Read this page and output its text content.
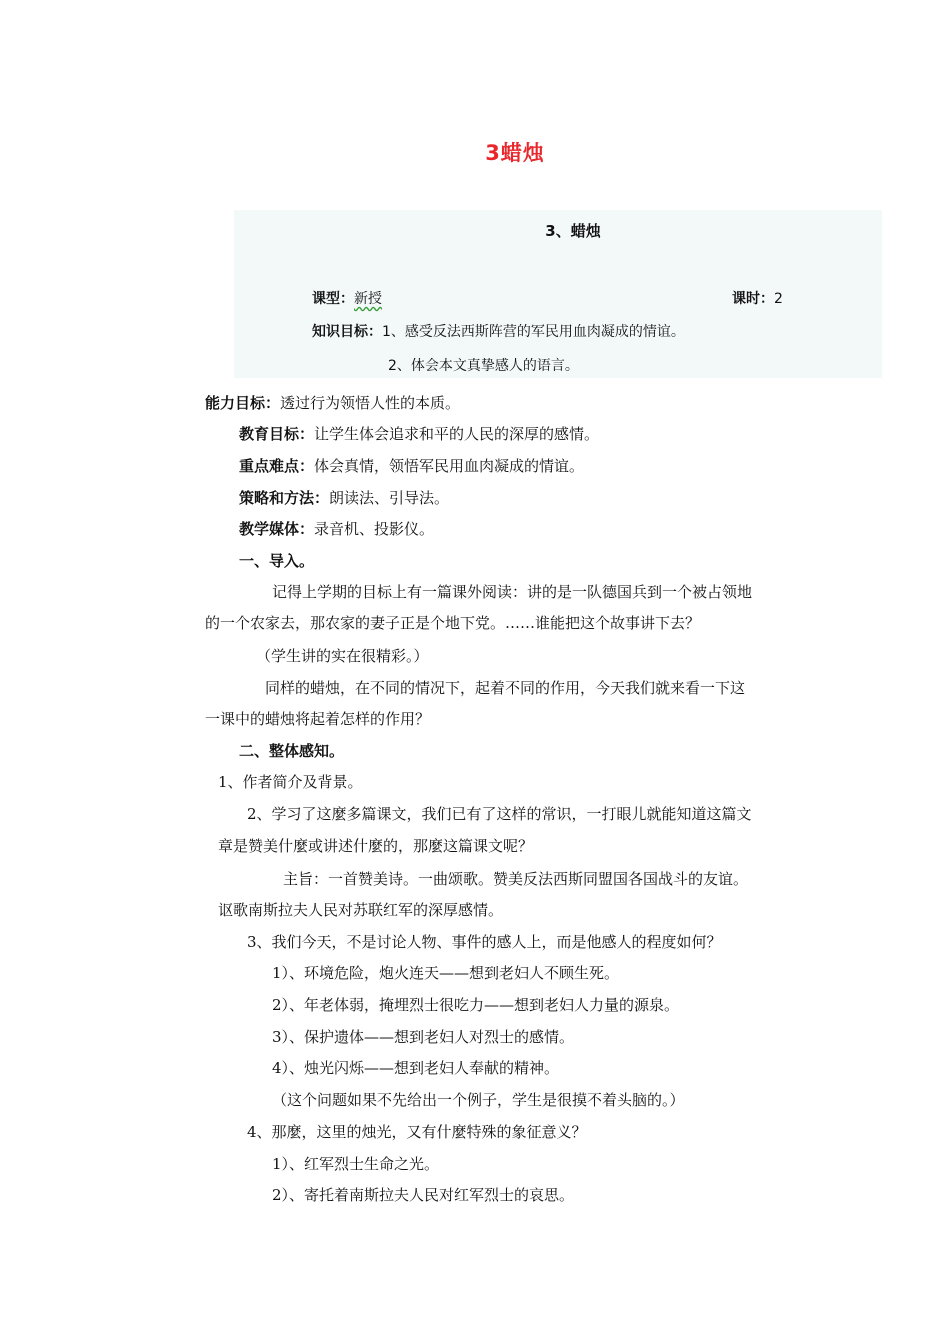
3蜡烛
3、蜡烛
课型：新授	课时：2
知识目标：1、感受反法西斯阵营的军民用血肉凝成的情谊。
2、体会本文真挚感人的语言。
能力目标：透过行为领悟人性的本质。
教育目标：让学生体会追求和平的人民的深厚的感情。
重点难点：体会真情，领悟军民用血肉凝成的情谊。
策略和方法：朗读法、引导法。
教学媒体：录音机、投影仪。
一、导入。
记得上学期的目标上有一篇课外阅读：讲的是一队德国兵到一个被占领地
的一个农家去，那农家的妻子正是个地下党。……谁能把这个故事讲下去？
（学生讲的实在很精彩。）
同样的蜡烛，在不同的情况下，起着不同的作用，今天我们就来看一下这
一课中的蜡烛将起着怎样的作用？
二、整体感知。
1、作者简介及背景。
2、学习了这麼多篇课文，我们已有了这样的常识，一打眼儿就能知道这篇文
章是赞美什麼或讲述什麼的，那麼这篇课文呢？
主旨：一首赞美诗。一曲颂歌。赞美反法西斯同盟国各国战斗的友谊。
讴歌南斯拉夫人民对苏联红军的深厚感情。
3、我们今天，不是讨论人物、事件的感人上，而是他感人的程度如何？
1）、环境危险，炮火连天——想到老妇人不顾生死。
2）、年老体弱，掩埋烈士很吃力——想到老妇人力量的源泉。
3）、保护遗体——想到老妇人对烈士的感情。
4）、烛光闪烁——想到老妇人奉献的精神。
（这个问题如果不先给出一个例子，学生是很摸不着头脑的。）
4、那麼，这里的烛光，又有什麼特殊的象征意义？
1）、红军烈士生命之光。
2）、寄托着南斯拉夫人民对红军烈士的哀思。
